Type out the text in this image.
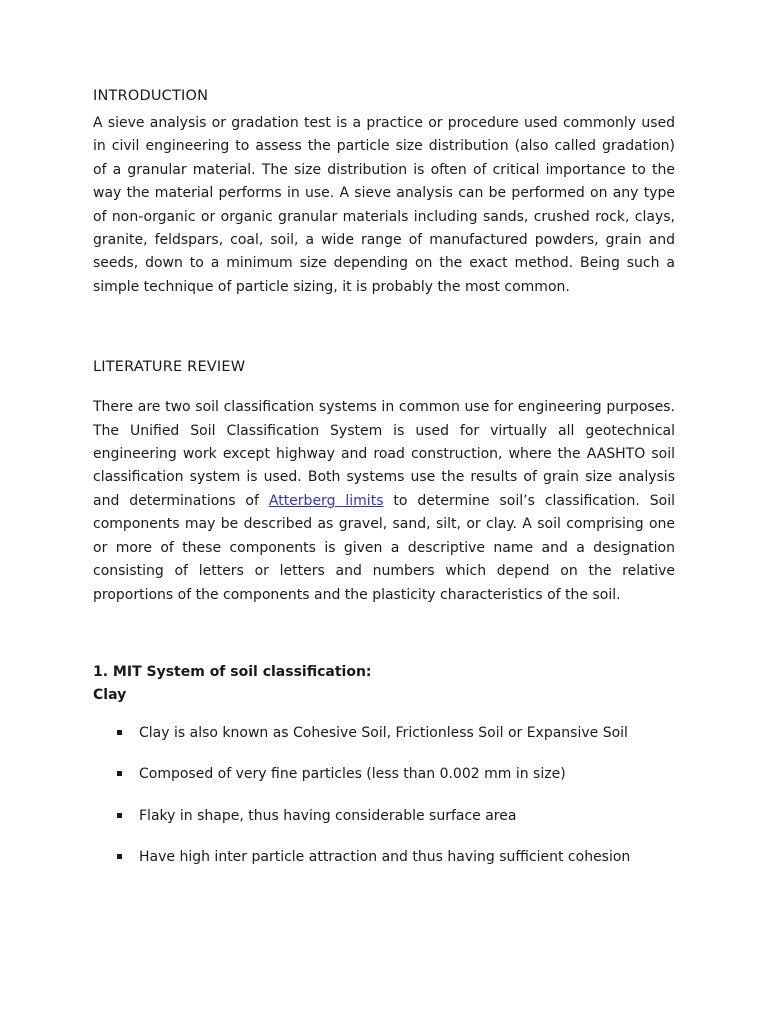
INTRODUCTION

A sieve analysis or gradation test is a practice or procedure used commonly used in civil engineering to assess the particle size distribution (also called gradation) of a granular material. The size distribution is often of critical importance to the way the material performs in use. A sieve analysis can be performed on any type of non-organic or organic granular materials including sands, crushed rock, clays, granite, feldspars, coal, soil, a wide range of manufactured powders, grain and seeds, down to a minimum size depending on the exact method. Being such a simple technique of particle sizing, it is probably the most common.

LITERATURE REVIEW

There are two soil classification systems in common use for engineering purposes. The Unified Soil Classification System is used for virtually all geotechnical engineering work except highway and road construction, where the AASHTO soil classification system is used. Both systems use the results of grain size analysis and determinations of Atterberg limits to determine soil’s classification. Soil components may be described as gravel, sand, silt, or clay. A soil comprising one or more of these components is given a descriptive name and a designation consisting of letters or letters and numbers which depend on the relative proportions of the components and the plasticity characteristics of the soil.

1. MIT System of soil classification:
Clay
Clay is also known as Cohesive Soil, Frictionless Soil or Expansive Soil
Composed of very fine particles (less than 0.002 mm in size)
Flaky in shape, thus having considerable surface area
Have high inter particle attraction and thus having sufficient cohesion
